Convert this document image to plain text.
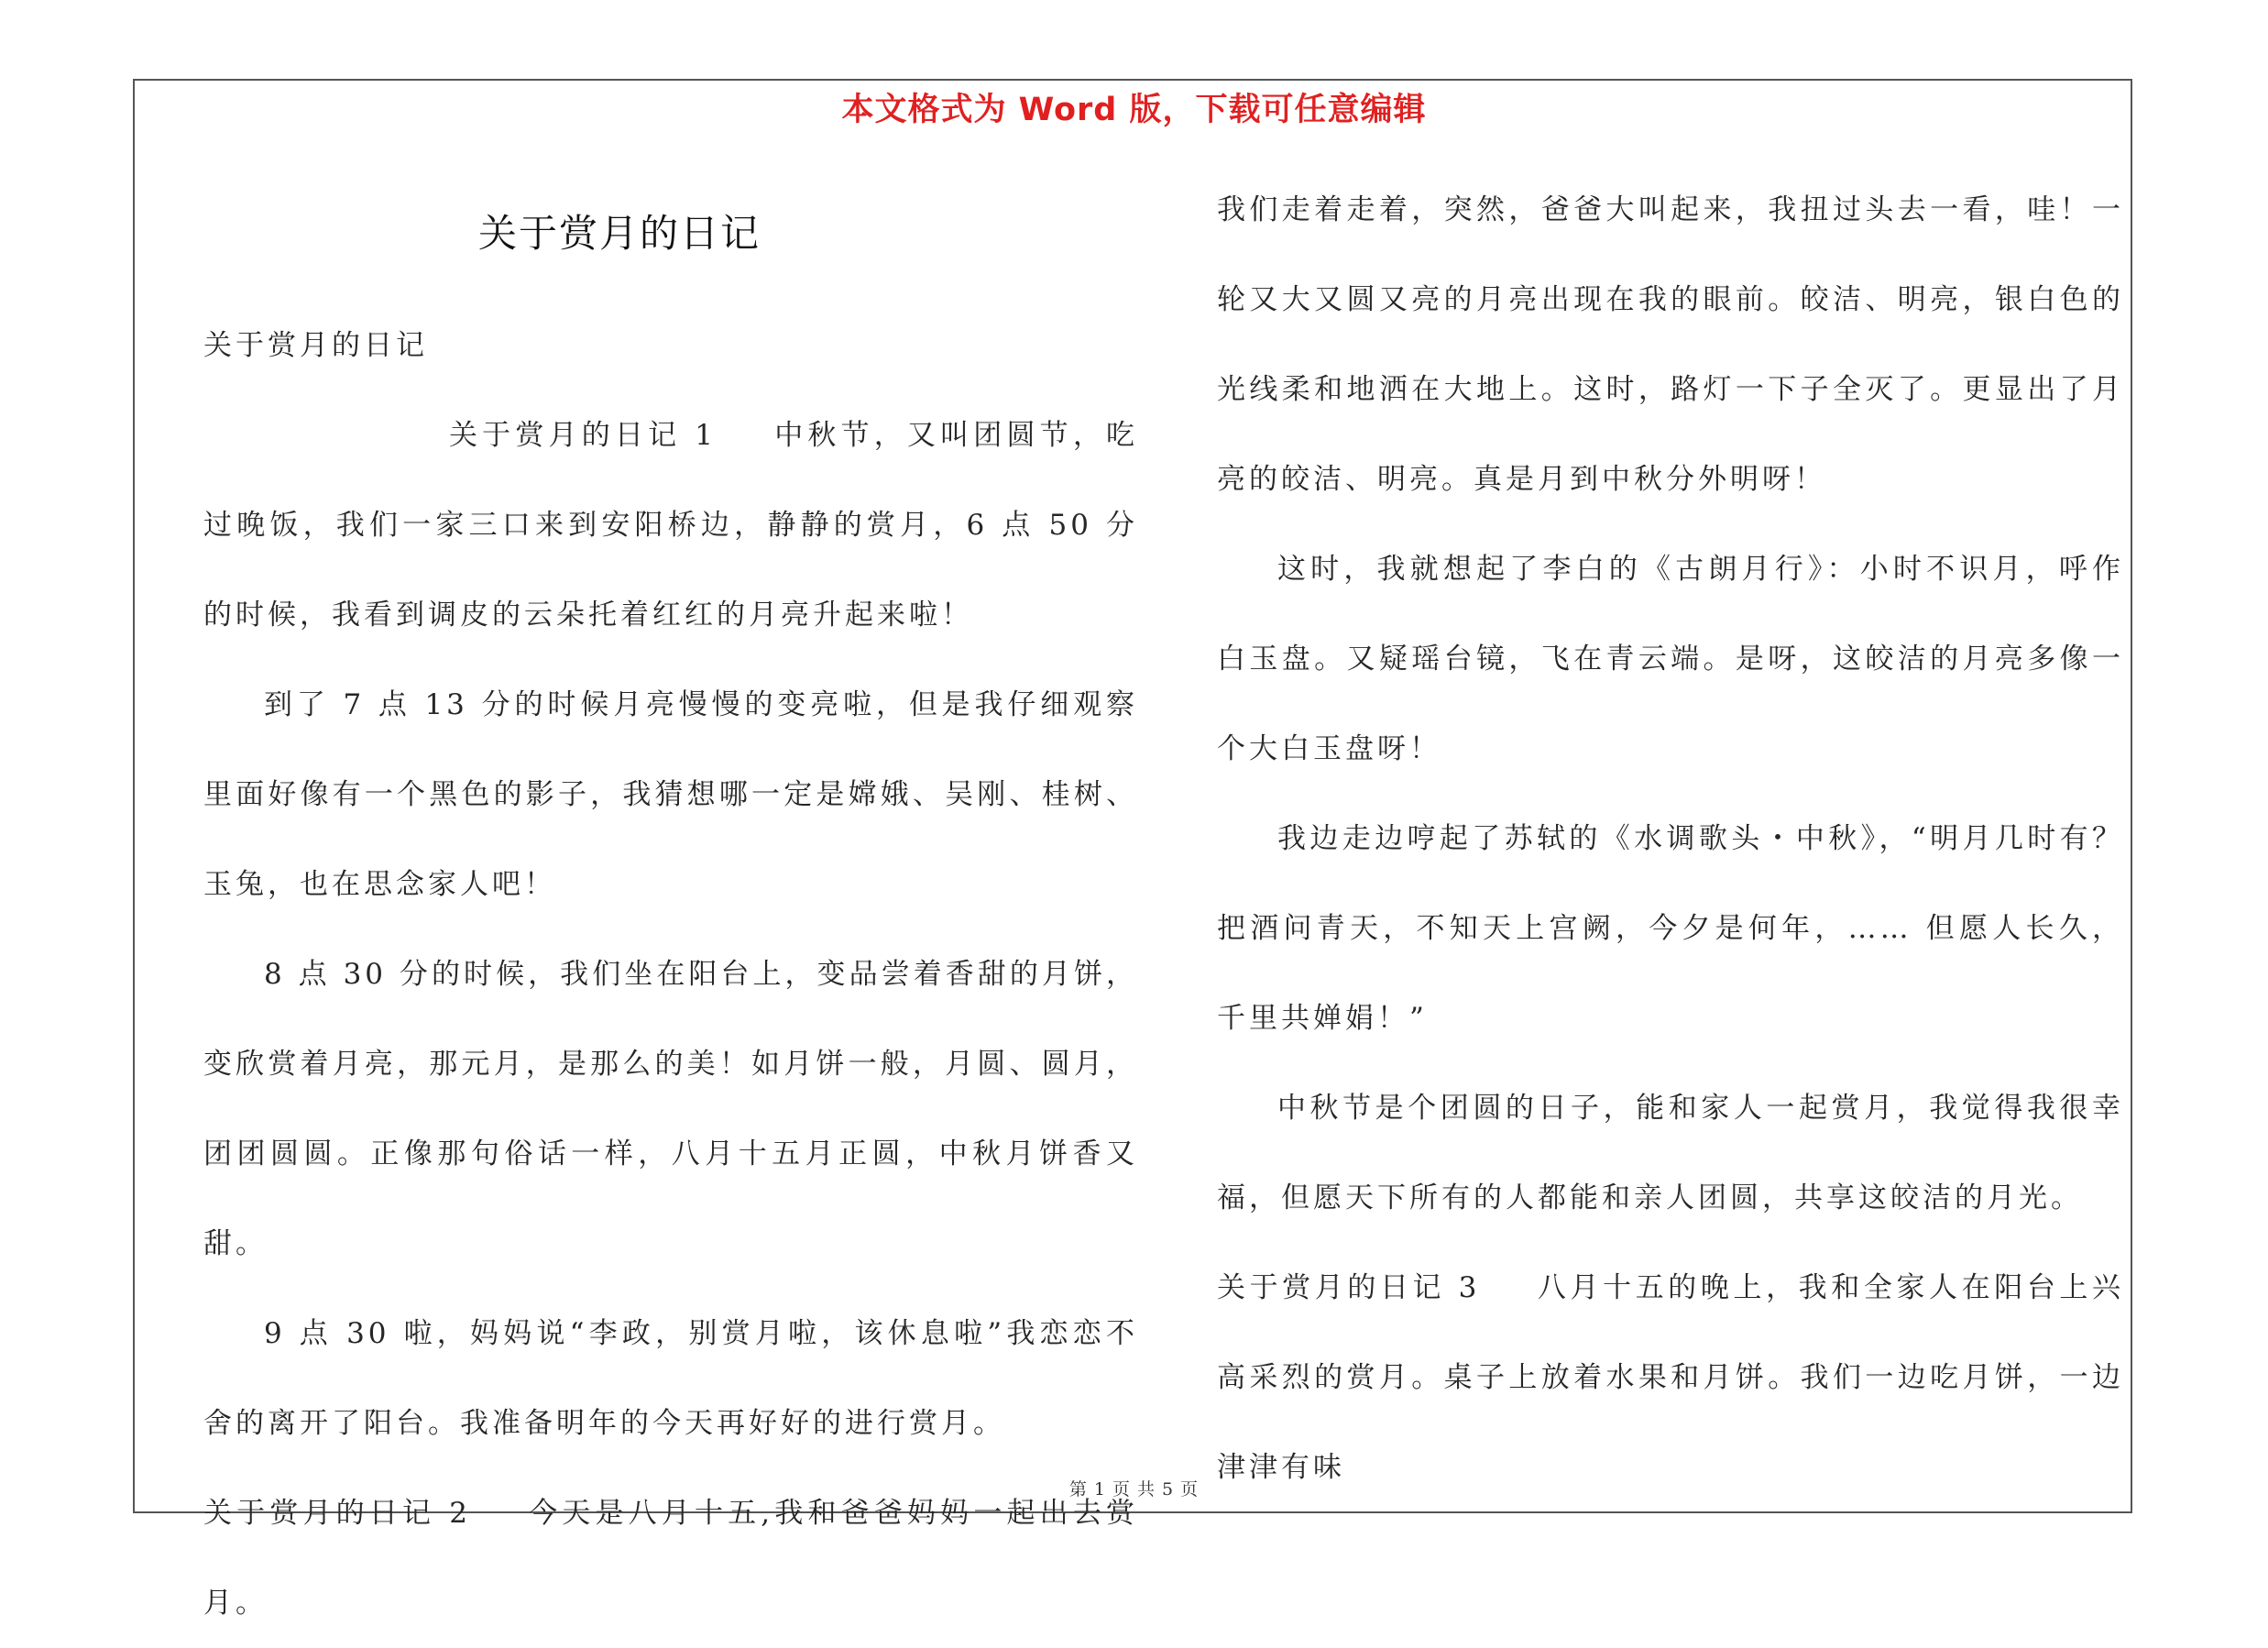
本文格式为 Word 版，下载可任意编辑
关于赏月的日记

关于赏月的日记

关于赏月的日记 1 中秋节，又叫团圆节，吃过晚饭，我们一家三口来到安阳桥边，静静的赏月，6 点 50 分的时候，我看到调皮的云朵托着红红的月亮升起来啦！

到了 7 点 13 分的时候月亮慢慢的变亮啦，但是我仔细观察里面好像有一个黑色的影子，我猜想哪一定是嫦娥、吴刚、桂树、玉兔，也在思念家人吧！

8 点 30 分的时候，我们坐在阳台上，变品尝着香甜的月饼，变欣赏着月亮，那元月，是那么的美！如月饼一般，月圆、圆月，团团圆圆。正像那句俗话一样，八月十五月正圆，中秋月饼香又甜。

9 点 30 啦，妈妈说“李政，别赏月啦，该休息啦”我恋恋不舍的离开了阳台。我准备明年的今天再好好的进行赏月。

关于赏月的日记 2 今天是八月十五,我和爸爸妈妈一起出去赏月。

我们走着走着，突然，爸爸大叫起来，我扭过头去一看，哇！一轮又大又圆又亮的月亮出现在我的眼前。皎洁、明亮，银白色的光线柔和地洒在大地上。这时，路灯一下子全灭了。更显出了月亮的皎洁、明亮。真是月到中秋分外明呀！

这时，我就想起了李白的《古朗月行》：小时不识月，呼作白玉盘。又疑瑶台镜，飞在青云端。是呀，这皎洁的月亮多像一个大白玉盘呀！

我边走边哼起了苏轼的《水调歌头・中秋》，“明月几时有？把酒问青天，不知天上宫阙，今夕是何年，…… 但愿人长久，千里共婵娟！”

中秋节是个团圆的日子，能和家人一起赏月，我觉得我很幸福，但愿天下所有的人都能和亲人团圆，共享这皎洁的月光。

关于赏月的日记 3 八月十五的晚上，我和全家人在阳台上兴高采烈的赏月。桌子上放着水果和月饼。我们一边吃月饼，一边津津有味

第 1 页 共 5 页
